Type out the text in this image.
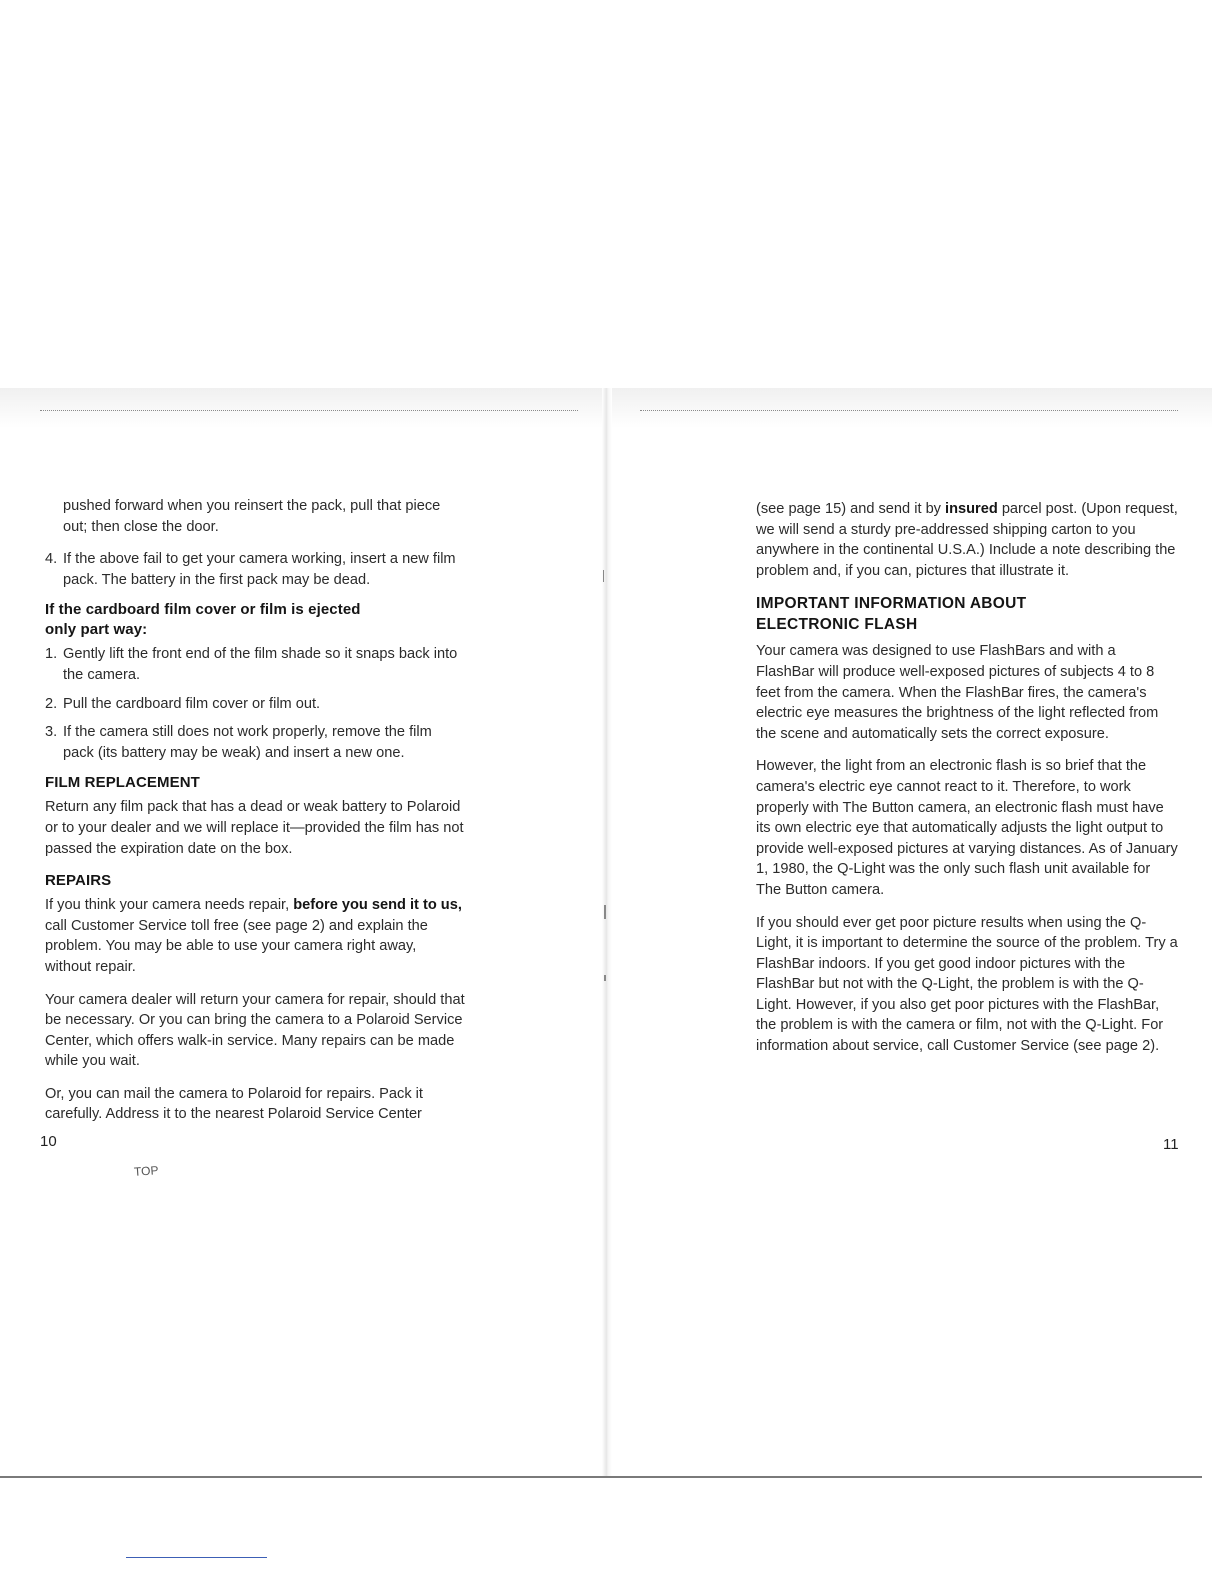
pushed forward when you reinsert the pack, pull that piece out; then close the door.

4. If the above fail to get your camera working, insert a new film pack. The battery in the first pack may be dead.
If the cardboard film cover or film is ejected
only part way:
1. Gently lift the front end of the film shade so it snaps back into the camera.
2. Pull the cardboard film cover or film out.
3. If the camera still does not work properly, remove the film pack (its battery may be weak) and insert a new one.
FILM REPLACEMENT

Return any film pack that has a dead or weak battery to Polaroid or to your dealer and we will replace it—provided the film has not passed the expiration date on the box.

REPAIRS

If you think your camera needs repair, before you send it to us, call Customer Service toll free (see page 2) and explain the problem. You may be able to use your camera right away, without repair.

Your camera dealer will return your camera for repair, should that be necessary. Or you can bring the camera to a Polaroid Service Center, which offers walk-in service. Many repairs can be made while you wait.

Or, you can mail the camera to Polaroid for repairs. Pack it carefully. Address it to the nearest Polaroid Service Center

10
TOP

(see page 15) and send it by insured parcel post. (Upon request, we will send a sturdy pre-addressed shipping carton to you anywhere in the continental U.S.A.) Include a note describing the problem and, if you can, pictures that illustrate it.

IMPORTANT INFORMATION ABOUT
ELECTRONIC FLASH

Your camera was designed to use FlashBars and with a FlashBar will produce well-exposed pictures of subjects 4 to 8 feet from the camera. When the FlashBar fires, the camera's electric eye measures the brightness of the light reflected from the scene and automatically sets the correct exposure.

However, the light from an electronic flash is so brief that the camera's electric eye cannot react to it. Therefore, to work properly with The Button camera, an electronic flash must have its own electric eye that automatically adjusts the light output to provide well-exposed pictures at varying distances. As of January 1, 1980, the Q-Light was the only such flash unit available for The Button camera.

If you should ever get poor picture results when using the Q-Light, it is important to determine the source of the problem. Try a FlashBar indoors. If you get good indoor pictures with the FlashBar but not with the Q-Light, the problem is with the Q-Light. However, if you also get poor pictures with the FlashBar, the problem is with the camera or film, not with the Q-Light. For information about service, call Customer Service (see page 2).

11
